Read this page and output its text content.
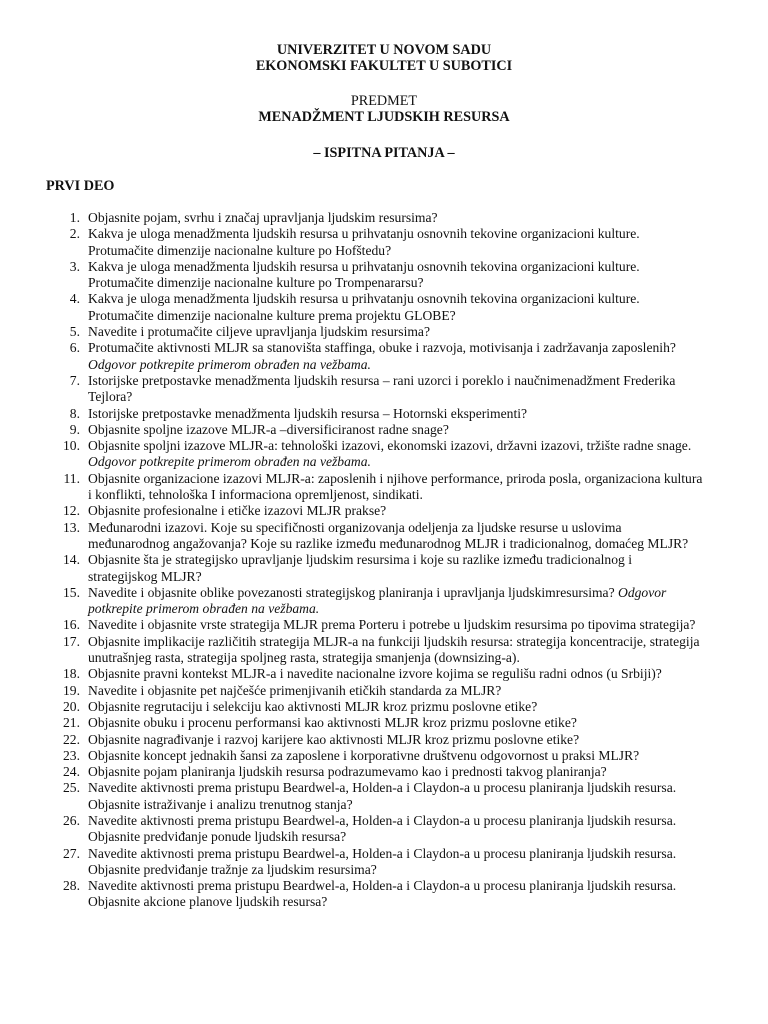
UNIVERZITET U NOVOM SADU
EKONOMSKI FAKULTET U SUBOTICI
PREDMET
MENADŽMENT LJUDSKIH RESURSA
– ISPITNA PITANJA –
PRVI DEO
1. Objasnite pojam, svrhu i značaj upravljanja ljudskim resursima?
2. Kakva je uloga menadžmenta ljudskih resursa u prihvatanju osnovnih tekovine organizacioni kulture. Protumačite dimenzije nacionalne kulture po Hofštedu?
3. Kakva je uloga menadžmenta ljudskih resursa u prihvatanju osnovnih tekovina organizacioni kulture. Protumačite dimenzije nacionalne kulture po Trompenararsu?
4. Kakva je uloga menadžmenta ljudskih resursa u prihvatanju osnovnih tekovina organizacioni kulture. Protumačite dimenzije nacionalne kulture prema projektu GLOBE?
5. Navedite i protumačite ciljeve upravljanja ljudskim resursima?
6. Protumačite aktivnosti MLJR sa stanovišta staffinga, obuke i razvoja, motivisanja i zadržavanja zaposlenih? Odgovor potkrepite primerom obrađen na vežbama.
7. Istorijske pretpostavke menadžmenta ljudskih resursa – rani uzorci i poreklo i naučnimenadžment Frederika Tejlora?
8. Istorijske pretpostavke menadžmenta ljudskih resursa – Hotornski eksperimenti?
9. Objasnite spoljne izazove MLJR-a –diversificiranost radne snage?
10. Objasnite spoljni izazove MLJR-a: tehnološki izazovi, ekonomski izazovi, državni izazovi, tržište radne snage. Odgovor potkrepite primerom obrađen na vežbama.
11. Objasnite organizacione izazovi MLJR-a: zaposlenih i njihove performance, priroda posla, organizaciona kultura i konflikti, tehnološka I informaciona opremljenost, sindikati.
12. Objasnite profesionalne i etičke izazovi MLJR prakse?
13. Međunarodni izazovi. Koje su specifičnosti organizovanja odeljenja za ljudske resurse u uslovima međunarodnog angažovanja? Koje su razlike između međunarodnog MLJR i tradicionalnog, domaćeg MLJR?
14. Objasnite šta je strategijsko upravljanje ljudskim resursima i koje su razlike između tradicionalnog i strategijskog MLJR?
15. Navedite i objasnite oblike povezanosti strategijskog planiranja i upravljanja ljudskimresursima? Odgovor potkrepite primerom obrađen na vežbama.
16. Navedite i objasnite vrste strategija MLJR prema Porteru i potrebe u ljudskim resursima po tipovima strategija?
17. Objasnite implikacije različitih strategija MLJR-a na funkciji ljudskih resursa: strategija koncentracije, strategija unutrašnjeg rasta, strategija spoljneg rasta, strategija smanjenja (downsizing-a).
18. Objasnite pravni kontekst MLJR-a i navedite nacionalne izvore kojima se regulišu radni odnos (u Srbiji)?
19. Navedite i objasnite pet najčešće primenjivanih etičkih standarda za MLJR?
20. Objasnite regrutaciju i selekciju kao aktivnosti MLJR kroz prizmu poslovne etike?
21. Objasnite obuku i procenu performansi kao aktivnosti MLJR kroz prizmu poslovne etike?
22. Objasnite nagrađivanje i razvoj karijere kao aktivnosti MLJR kroz prizmu poslovne etike?
23. Objasnite koncept jednakih šansi za zaposlene i korporativne društvenu odgovornost u praksi MLJR?
24. Objasnite pojam planiranja ljudskih resursa podrazumevamo kao i prednosti takvog planiranja?
25. Navedite aktivnosti prema pristupu Beardwel-a, Holden-a i Claydon-a u procesu planiranja ljudskih resursa. Objasnite istraživanje i analizu trenutnog stanja?
26. Navedite aktivnosti prema pristupu Beardwel-a, Holden-a i Claydon-a u procesu planiranja ljudskih resursa. Objasnite predviđanje ponude ljudskih resursa?
27. Navedite aktivnosti prema pristupu Beardwel-a, Holden-a i Claydon-a u procesu planiranja ljudskih resursa. Objasnite predviđanje tražnje za ljudskim resursima?
28. Navedite aktivnosti prema pristupu Beardwel-a, Holden-a i Claydon-a u procesu planiranja ljudskih resursa. Objasnite akcione planove ljudskih resursa?
